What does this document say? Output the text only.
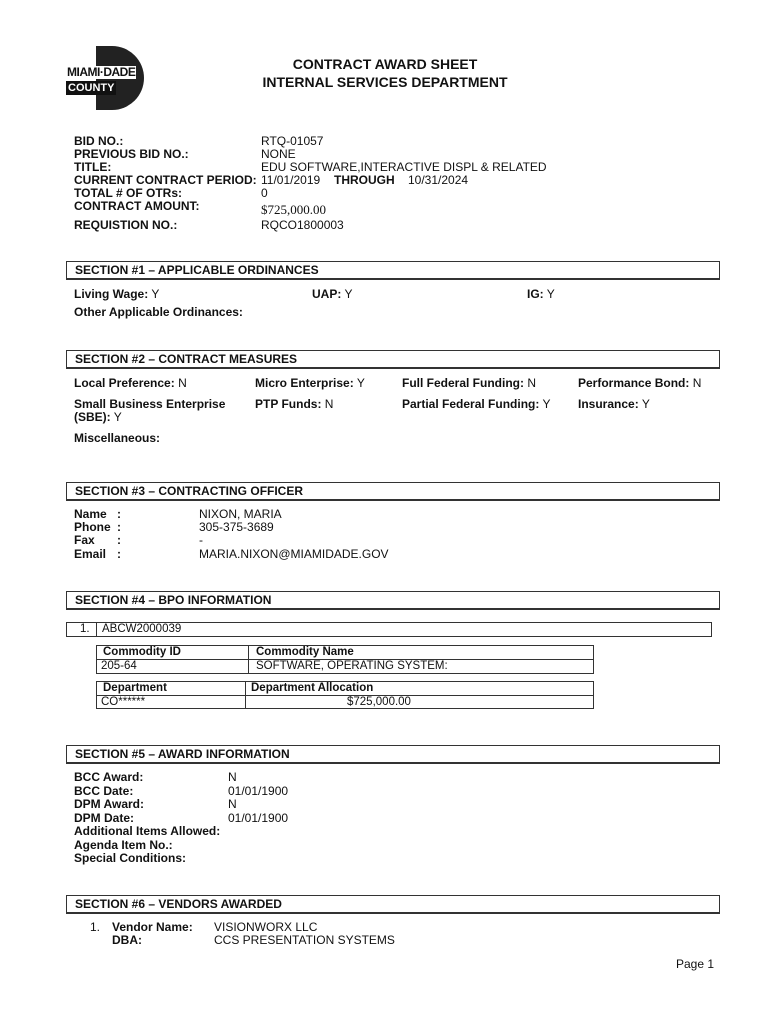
MIAMI·DADE
COUNTY
CONTRACT AWARD SHEET
INTERNAL SERVICES DEPARTMENT
BID NO.:	RTQ-01057
PREVIOUS BID NO.:	NONE
TITLE:	EDU SOFTWARE,INTERACTIVE DISPL & RELATED
CURRENT CONTRACT PERIOD: 11/01/2019 THROUGH 10/31/2024
TOTAL # OF OTRs:	0
CONTRACT AMOUNT:	$725,000.00
REQUISTION NO.:	RQCO1800003
SECTION #1 – APPLICABLE ORDINANCES
Living Wage: Y	UAP: Y	IG: Y
Other Applicable Ordinances:
SECTION #2 – CONTRACT MEASURES
Local Preference: N	Micro Enterprise: Y	Full Federal Funding: N	Performance Bond: N
Small Business Enterprise
(SBE): Y
PTP Funds: N	Partial Federal Funding: Y Insurance: Y
Miscellaneous:
SECTION #3 – CONTRACTING OFFICER
Name :	NIXON, MARIA
Phone :	305-375-3689
Fax :	-
Email :	MARIA.NIXON@MIAMIDADE.GOV
SECTION #4 – BPO INFORMATION
1. ABCW2000039
Commodity ID	Commodity Name
205-64	SOFTWARE, OPERATING SYSTEM:
Department	Department Allocation
CO******	$725,000.00
SECTION #5 – AWARD INFORMATION
BCC Award:	N
BCC Date:	01/01/1900
DPM Award:	N
DPM Date:	01/01/1900
Additional Items Allowed:
Agenda Item No.:
Special Conditions:
SECTION #6 – VENDORS AWARDED
1. Vendor Name: VISIONWORX LLC
DBA:	CCS PRESENTATION SYSTEMS
Page 1
